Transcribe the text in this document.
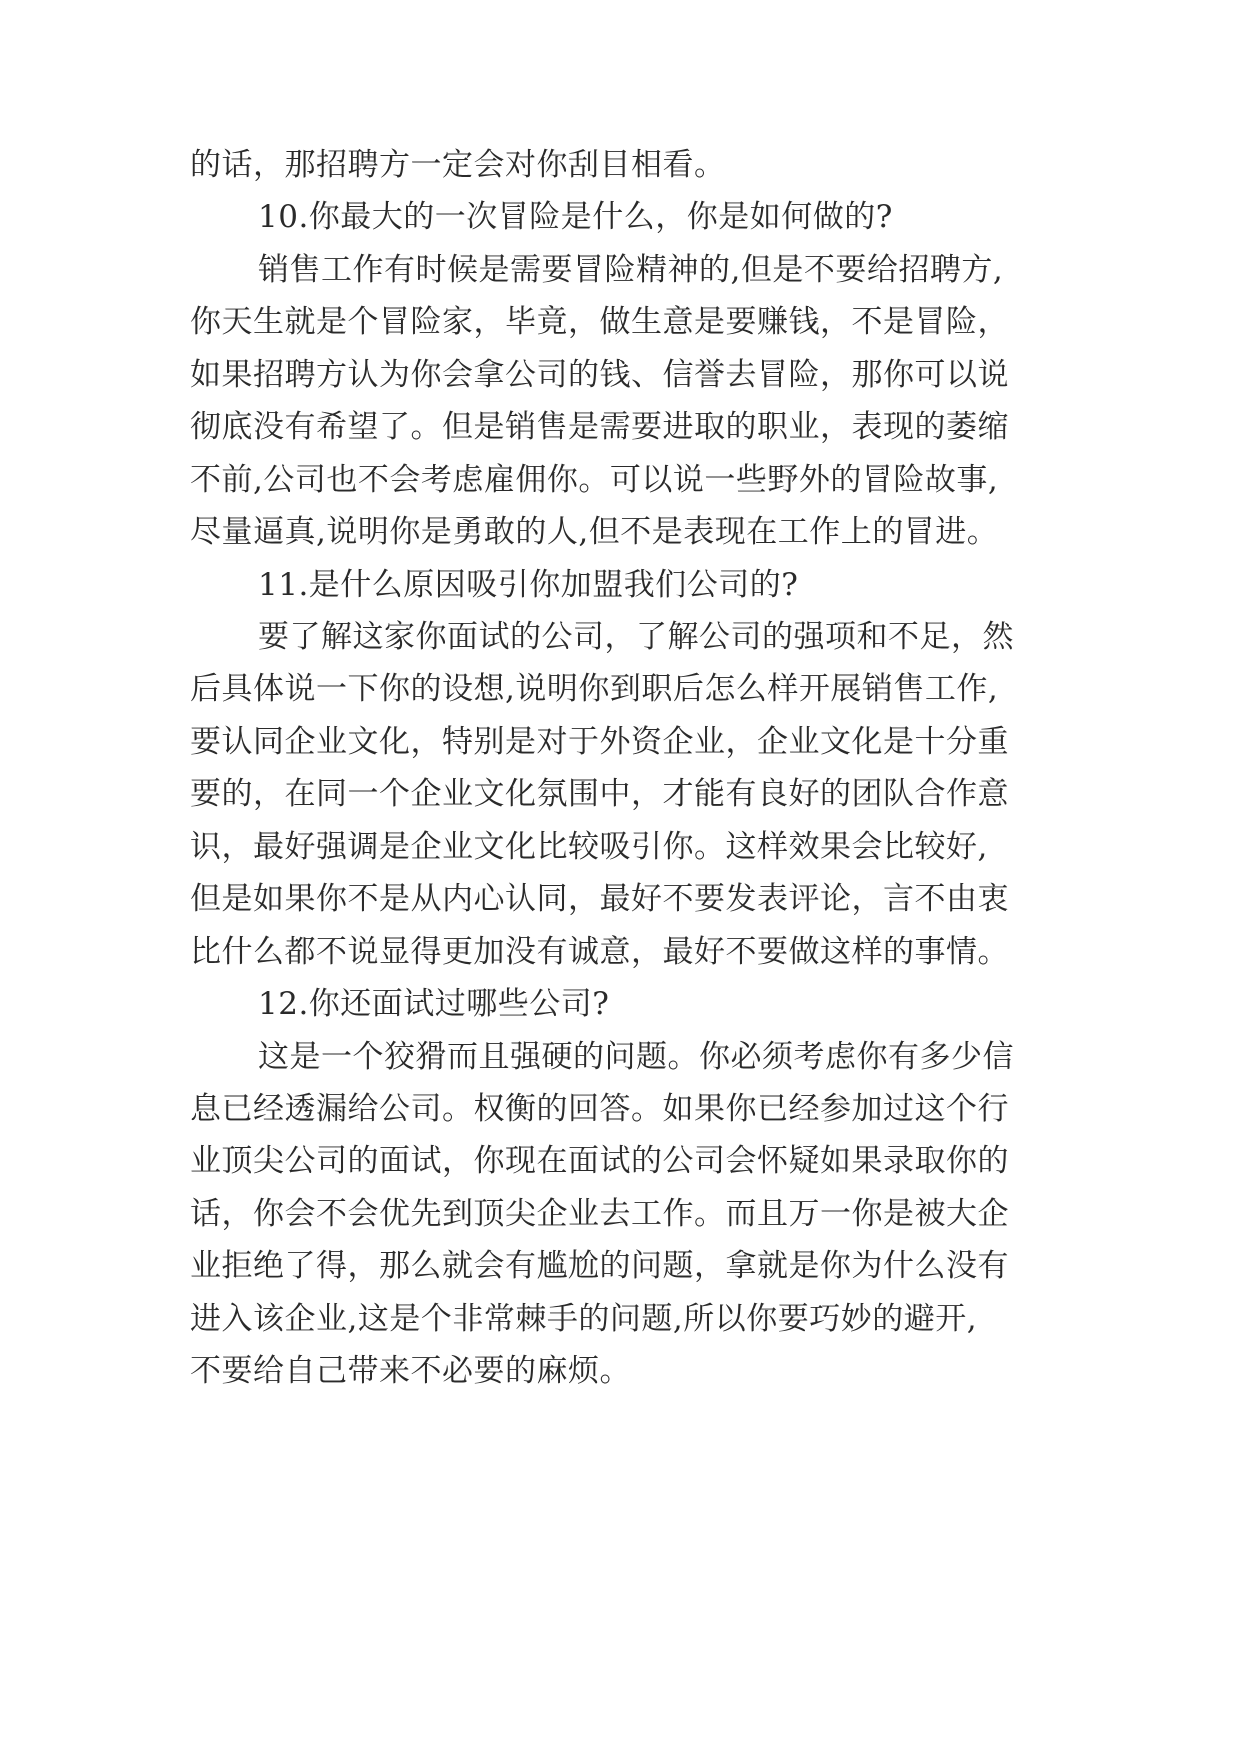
的话，那招聘方一定会对你刮目相看。
10.你最大的一次冒险是什么，你是如何做的?
销售工作有时候是需要冒险精神的,但是不要给招聘方,
你天生就是个冒险家，毕竟，做生意是要赚钱，不是冒险，
如果招聘方认为你会拿公司的钱、信誉去冒险，那你可以说
彻底没有希望了。但是销售是需要进取的职业，表现的萎缩
不前,公司也不会考虑雇佣你。可以说一些野外的冒险故事,
尽量逼真,说明你是勇敢的人,但不是表现在工作上的冒进。
11.是什么原因吸引你加盟我们公司的?
要了解这家你面试的公司，了解公司的强项和不足，然
后具体说一下你的设想,说明你到职后怎么样开展销售工作,
要认同企业文化，特别是对于外资企业，企业文化是十分重
要的，在同一个企业文化氛围中，才能有良好的团队合作意
识，最好强调是企业文化比较吸引你。这样效果会比较好,
但是如果你不是从内心认同，最好不要发表评论，言不由衷
比什么都不说显得更加没有诚意，最好不要做这样的事情。
12.你还面试过哪些公司?
这是一个狡猾而且强硬的问题。你必须考虑你有多少信
息已经透漏给公司。权衡的回答。如果你已经参加过这个行
业顶尖公司的面试，你现在面试的公司会怀疑如果录取你的
话，你会不会优先到顶尖企业去工作。而且万一你是被大企
业拒绝了得，那么就会有尴尬的问题，拿就是你为什么没有
进入该企业,这是个非常棘手的问题,所以你要巧妙的避开,
不要给自己带来不必要的麻烦。
